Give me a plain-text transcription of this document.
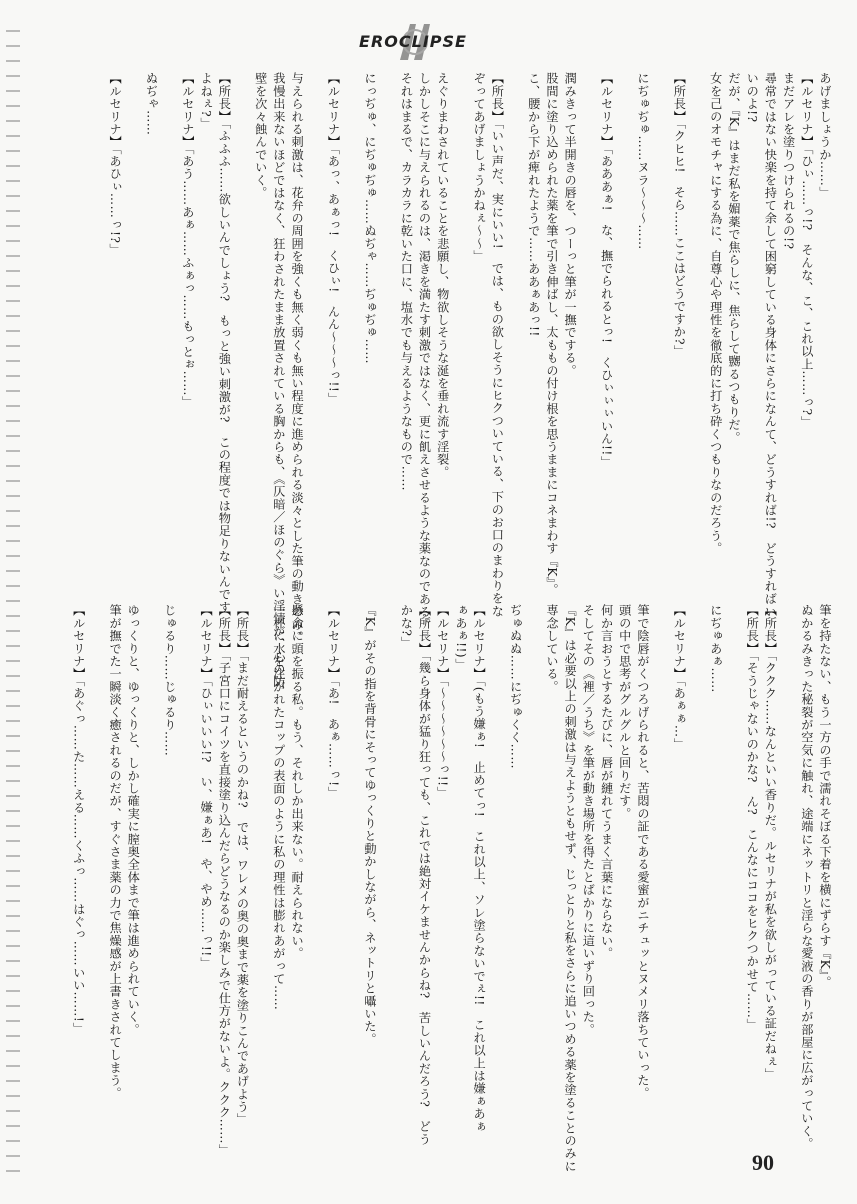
EROCLIPSE
あげましょうか……」
【ルセリナ】「ひぃ……っ!?　そんな、こ、これ以上……っ?」
まだアレを塗りつけられるの!?
尋常ではない快楽を持て余して困窮している身体にさらになんて、どうすれば!?　どうすればい
いのよ!?
だが、『K』はまだ私を媚薬で焦らしに、焦らして嬲るつもりだ。
女を己のオモチャにする為に、自尊心や理性を徹底的に打ち砕くつもりなのだろう。

【所長】「クヒヒ!　そら……ここはどうですか?」

にぢゅぢゅ……ヌラ～～～……

【ルセリナ】「あああぁ!　な、撫でられるとっ!　くひぃぃぃいん!!」

潤みきって半開きの唇を、つーっと筆が一撫でする。
股間に塗り込められた薬を筆で引き伸ばし、太ももの付け根を思うままにコネまわす『K』。
こ、腰から下が痺れたようで……ああぁあっ!!

【所長】「いい声だ、実にいい!　では、もの欲しそうにヒクついている、下のお口のまわりをな
ぞってあげましょうかねぇ～～」

えぐりまわされていることを悲願し、物欲しそうな涎を垂れ流す淫裂。
しかしそこに与えられるのは、渇きを満たす刺激ではなく、更に飢えさせるような薬なのである。
それはまるで、カラカラに乾いた口に、塩水でも与えるようなもので……

にっぢゅ、にぢゅぢゅ……ぬぢゃ……ぢゅぢゅ……

【ルセリナ】「あっ、あぁっ!　くひぃ!　んん～～～っ!!」

与えられる刺激は、花弁の周囲を強くも無く弱くも無い程度に進められる淡々とした筆の動きのみ。
我慢出来ないほどではなく、狂わされたまま放置されている胸からも、《仄暗／ほのぐら》い淫情が、心の防
壁を次々蝕んでいく。

【所長】「ふふふ……欲しいんでしょう?　もっと強い刺激が?　この程度では物足りないんです
よねぇ?」
【ルセリナ】「あう……あぁ……ふぁっ……もっとぉ……」

ぬぢゃ……

【ルセリナ】「あひぃ……っ!?」
筆を持たない、もう一方の手で濡れそぼる下着を横にずらす『K』。
ぬかるみきった秘裂が空気に触れ、途端にネットリと淫らな愛液の香りが部屋に広がっていく。

【所長】「ククク……なんといい香りだ。ルセリナが私を欲しがっている証だねぇ」
【所長】「そうじゃないのかな?　ん?　こんなにココをヒクつかせて……」

にぢゅあぁ……

【ルセリナ】「あぁぁ…」

筆で陰唇がくつろげられると、苦悶の証である愛蜜がニチュッとヌメリ落ちていった。
頭の中で思考がグルグルと回りだす。
何か言おうとするたびに、唇が縺れてうまく言葉にならない。
そしてその《裡／うち》を筆が動き場所を得たとばかりに這いずり回った。
『K』は必要以上の刺激は与えようともせず、じっとりと私をさらに追いつめる薬を塗ることのみに
専念している。

ぢゅぬぬ……にぢゅくく……

【ルセリナ】「(もう嫌ぁ!　止めてっ!　これ以上、ソレ塗らないでぇ!!　これ以上は嫌ぁあぁ
ぁあぁ!!)」
【ルセリナ】「～～～～～～っ!!」
【所長】「幾ら身体が猛り狂っても、これでは絶対イケませんからね?　苦しいんだろう?　どう
かな?」

『K』がその指を背骨にそってゆっくりと動かしながら、ネットリと囁いた。

【ルセリナ】「あ!　あぁ……っ!」

懸命に頭を振る私。もう、それしか出来ない。耐えられない。
一杯に水を注がれたコップの表面のように私の理性は膨れあがって……

【所長】「まだ耐えるというのかね?　では、ワレメの奥の奥まで薬を塗りこんであげよう」
【所長】「子宮口にコイツを直接塗り込んだらどうなるのか楽しみで仕方がないよ。ククク……」
【ルセリナ】「ひぃいいい!?　い、嫌ぁあ!　や、やめ……っ!!」

じゅるり……じゅるり……

ゆっくりと、ゆっくりと、しかし確実に膣奥全体まで筆は進められていく。
筆が撫でた一瞬淡く癒されるのだが、すぐさま薬の力で焦燥感が上書きされてしまう。

【ルセリナ】「あぐっ……た……える……くふっ……はぐっ……いい……!」
90
